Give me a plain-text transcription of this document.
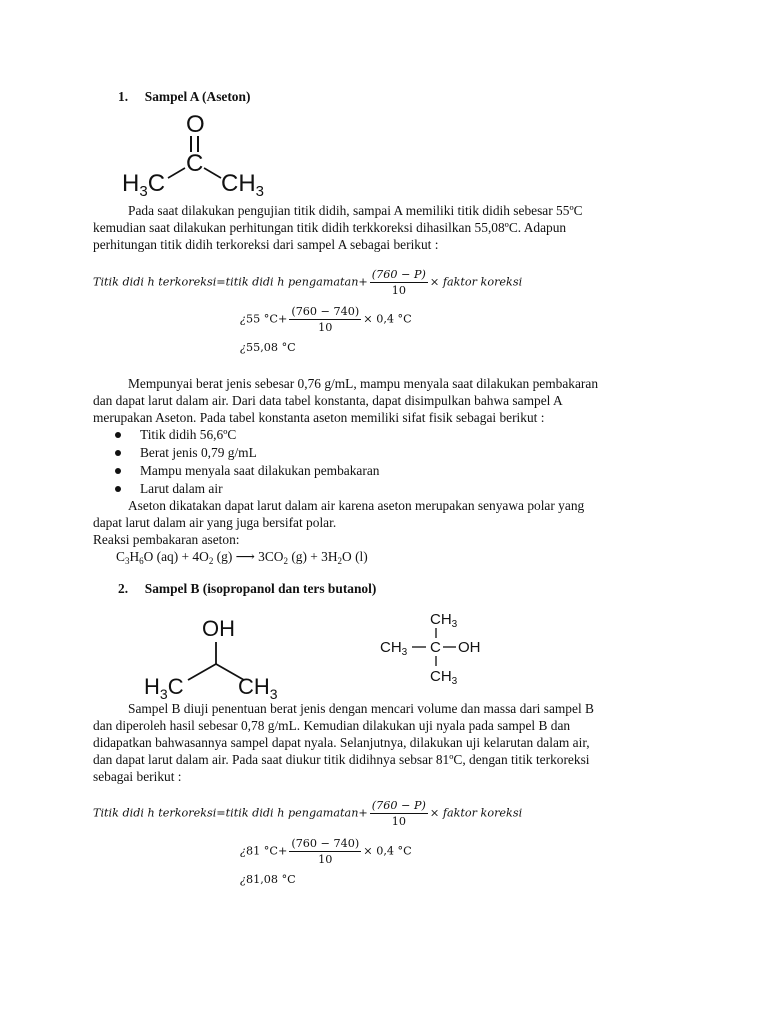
1. Sampel A (Aseton)
O
C
$H_3C$ $CH_3$
Pada saat dilakukan pengujian titik didih, sampai A memiliki titik didih sebesar 55ºC
kemudian saat dilakukan perhitungan titik didih terkkoreksi dihasilkan 55,08ºC. Adapun
perhitungan titik didih terkoreksi dari sampel A sebagai berikut :
Titik didi h terkoreksi=titik didi h pengamatan+ $\frac{(760 - P)}{10}$ × faktor koreksi
¿55 $^\circ C+ \frac{(760 - 740)}{10} \times 0,4$ °C
¿55,08 °C
Mempunyai berat jenis sebesar 0,76 g/mL, mampu menyala saat dilakukan pembakaran
dan dapat larut dalam air. Dari data tabel konstanta, dapat disimpulkan bahwa sampel A
merupakan Aseton. Pada tabel konstanta aseton memiliki sifat fisik sebagai berikut :
Titik didih 56,6ºC
Berat jenis 0,79 g/mL
Mampu menyala saat dilakukan pembakaran
Larut dalam air
Aseton dikatakan dapat larut dalam air karena aseton merupakan senyawa polar yang
dapat larut dalam air yang juga bersifat polar.
Reaksi pembakaran aseton:
$C_3H_6O$ $(aq) + 4O_2$ (g) ⟶ $3CO_2$ $(g) + 3H_2O$ (l)
2. Sampel B (isopropanol dan ters butanol)
OH
$H_3C$ $CH_3$
$CH_3$
$CH_3$ C OH
$CH_3$
Sampel B diuji penentuan berat jenis dengan mencari volume dan massa dari sampel B
dan diperoleh hasil sebesar 0,78 g/mL. Kemudian dilakukan uji nyala pada sampel B dan
didapatkan bahwasannya sampel dapat nyala. Selanjutnya, dilakukan uji kelarutan dalam air,
dan dapat larut dalam air. Pada saat diukur titik didihnya sebsar 81ºC, dengan titik terkoreksi
sebagai berikut :
Titik didi h terkoreksi=titik didi h pengamatan+ $\frac{(760 - P)}{10}$ × faktor koreksi
¿81 $^\circ C+ \frac{(760 - 740)}{10} \times 0,4$ °C
¿81,08 °C
